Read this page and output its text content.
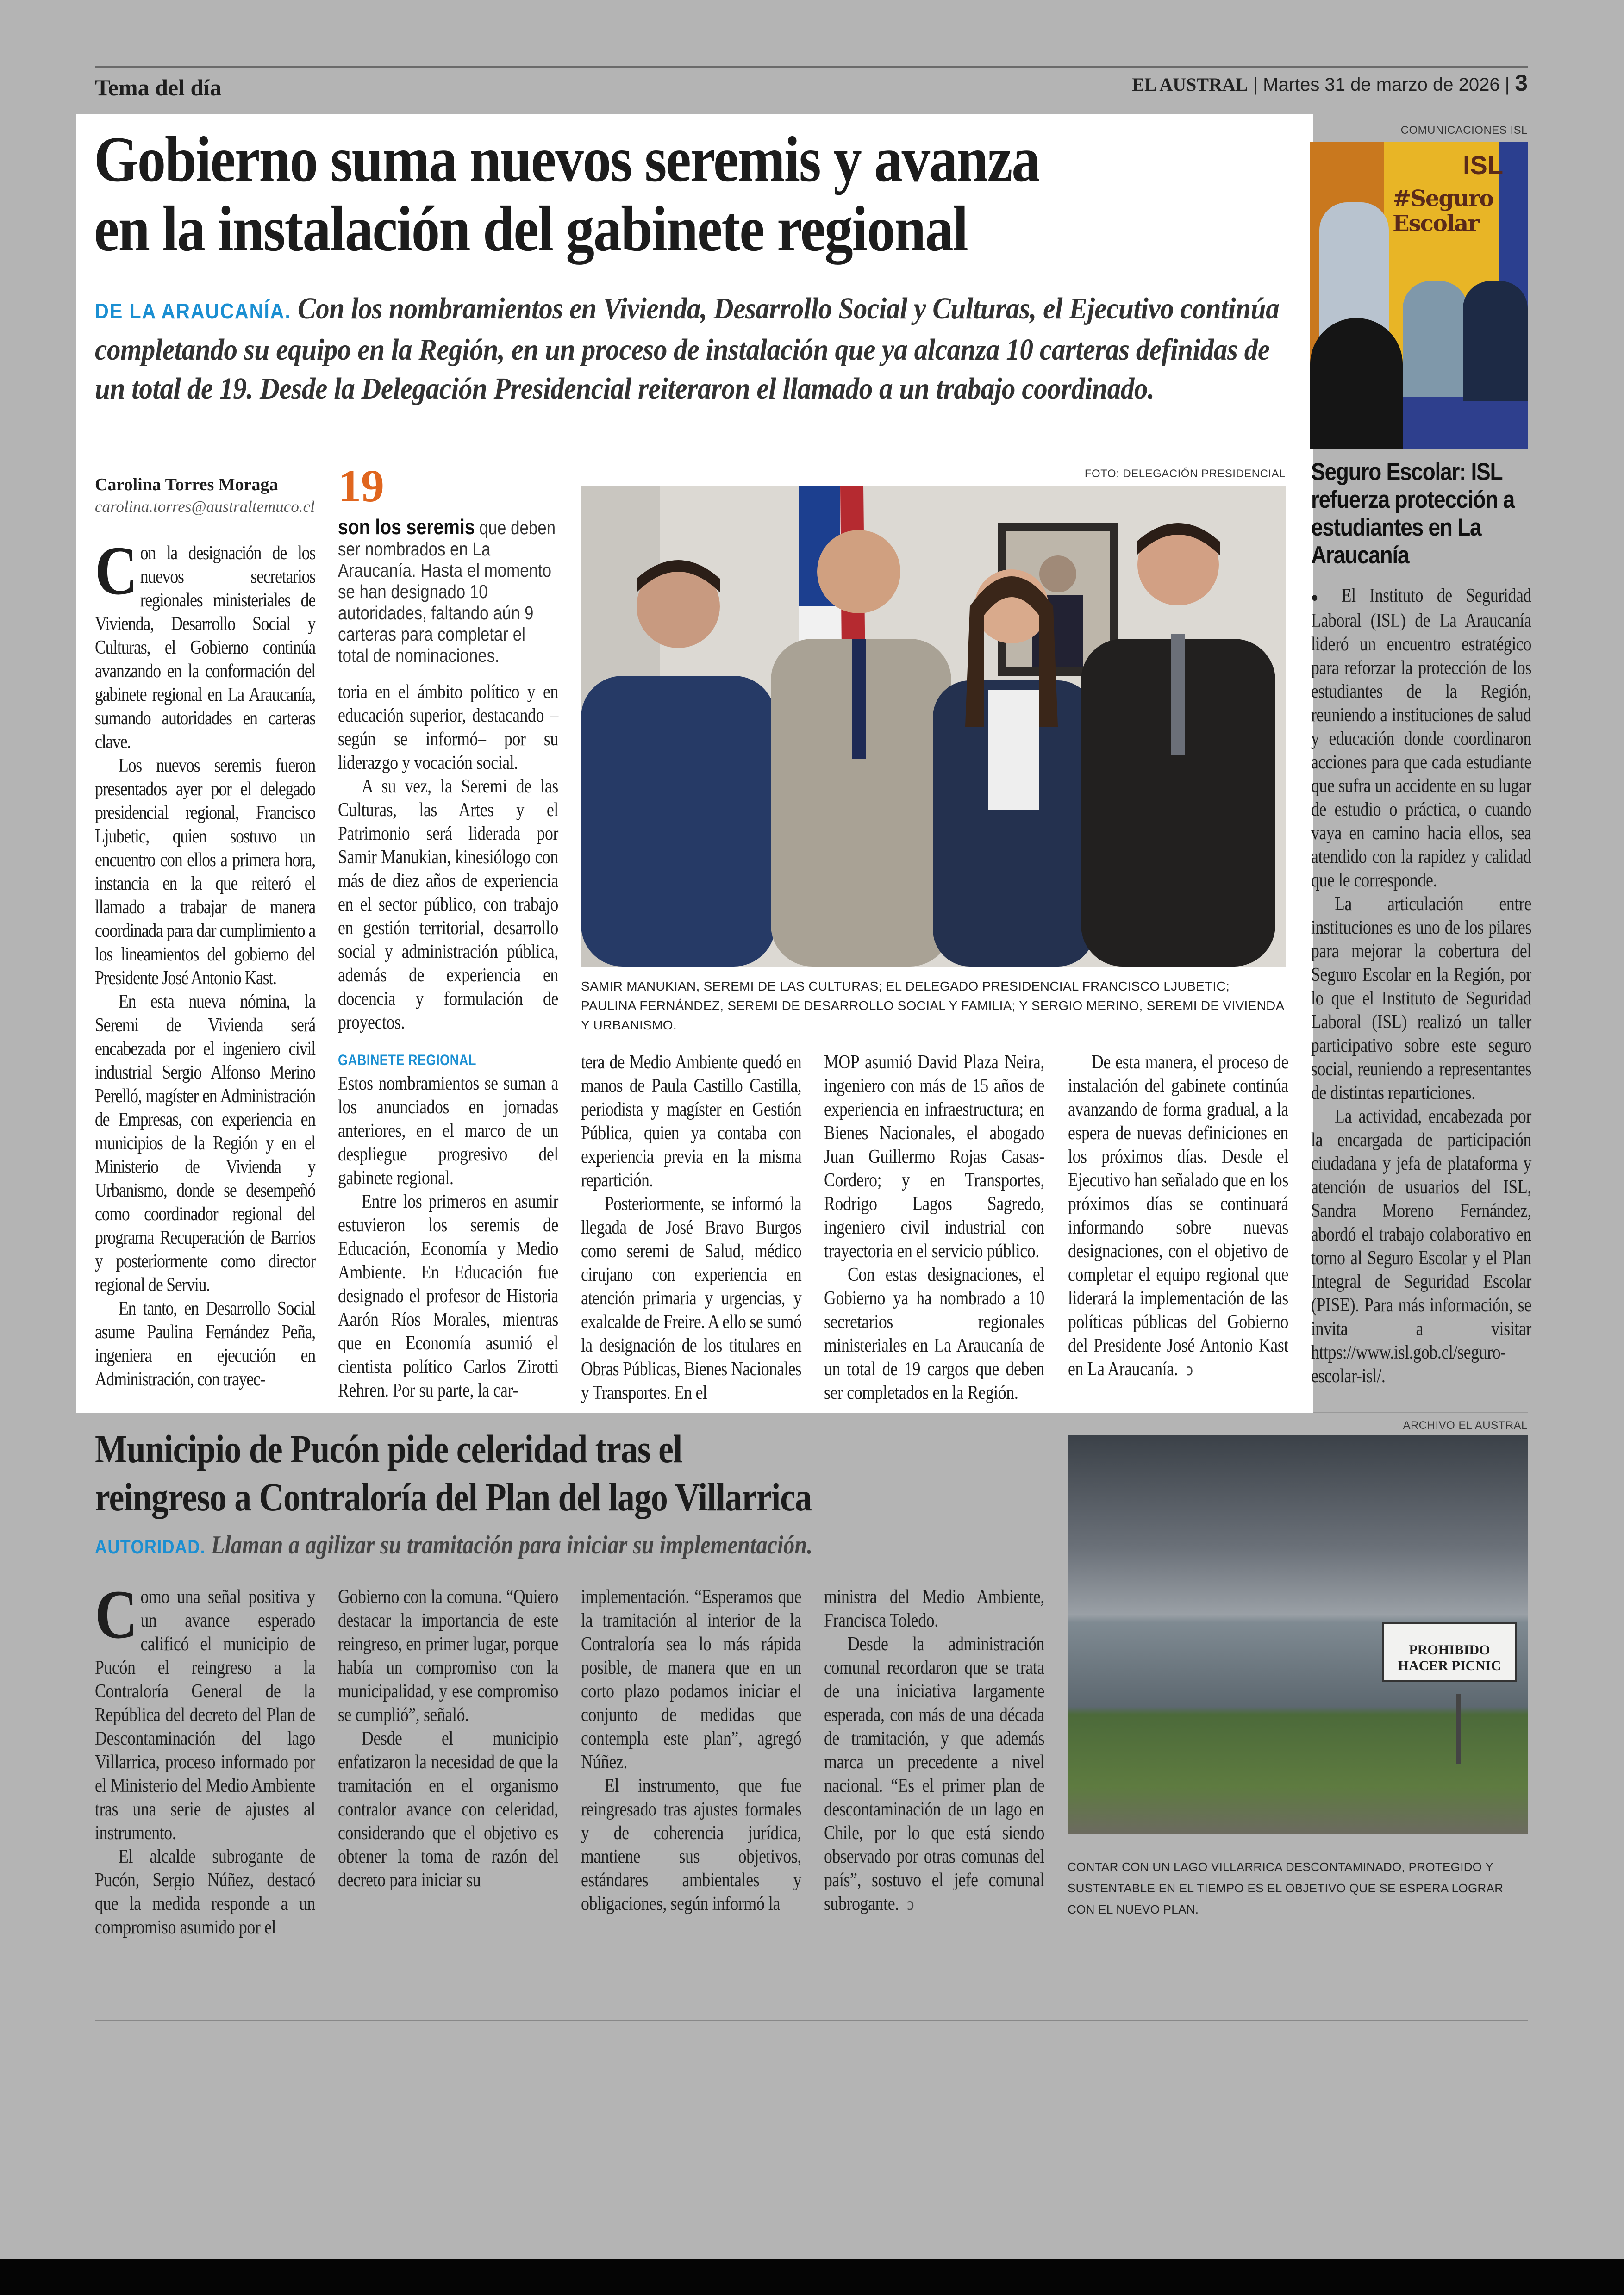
Tema del día	EL AUSTRAL | Martes 31 de marzo de 2026 | 3
Gobierno suma nuevos seremis y avanza
en la instalación del gabinete regional
DE LA ARAUCANÍA. Con los nombramientos en Vivienda, Desarrollo Social y Culturas, el Ejecutivo continúa completando su equipo en la Región, en un proceso de instalación que ya alcanza 10 carteras definidas de un total de 19. Desde la Delegación Presidencial reiteraron el llamado a un trabajo coordinado.
Carolina Torres Moraga
carolina.torres@australtemuco.cl

Con la designación de los nuevos secretarios regionales ministeriales de Vivienda, Desarrollo Social y Culturas, el Gobierno continúa avanzando en la conformación del gabinete regional en La Araucanía, sumando autoridades en carteras clave.

Los nuevos seremis fueron presentados ayer por el delegado presidencial regional, Francisco Ljubetic, quien sostuvo un encuentro con ellos a primera hora, instancia en la que reiteró el llamado a trabajar de manera coordinada para dar cumplimiento a los lineamientos del gobierno del Presidente José Antonio Kast.

En esta nueva nómina, la Seremi de Vivienda será encabezada por el ingeniero civil industrial Sergio Alfonso Merino Perelló, magíster en Administración de Empresas, con experiencia en municipios de la Región y en el Ministerio de Vivienda y Urbanismo, donde se desempeñó como coordinador regional del programa Recuperación de Barrios y posteriormente como director regional de Serviu.

En tanto, en Desarrollo Social asume Paulina Fernández Peña, ingeniera en ejecución en Administración, con trayec-

19
son los seremis que deben ser nombrados en La Araucanía. Hasta el momento se han designado 10 autoridades, faltando aún 9 carteras para completar el total de nominaciones.

toria en el ámbito político y en educación superior, destacando –según se informó– por su liderazgo y vocación social.

A su vez, la Seremi de las Culturas, las Artes y el Patrimonio será liderada por Samir Manukian, kinesiólogo con más de diez años de experiencia en el sector público, con trabajo en gestión territorial, desarrollo social y administración pública, además de experiencia en docencia y formulación de proyectos.

GABINETE REGIONAL

Estos nombramientos se suman a los anunciados en jornadas anteriores, en el marco de un despliegue progresivo del gabinete regional.

Entre los primeros en asumir estuvieron los seremis de Educación, Economía y Medio Ambiente. En Educación fue designado el profesor de Historia Aarón Ríos Morales, mientras que en Economía asumió el cientista político Carlos Zirotti Rehren. Por su parte, la car-

FOTO: DELEGACIÓN PRESIDENCIAL
SAMIR MANUKIAN, SEREMI DE LAS CULTURAS; EL DELEGADO PRESIDENCIAL FRANCISCO LJUBETIC; PAULINA FERNÁNDEZ, SEREMI DE DESARROLLO SOCIAL Y FAMILIA; Y SERGIO MERINO, SEREMI DE VIVIENDA Y URBANISMO.

tera de Medio Ambiente quedó en manos de Paula Castillo Castilla, periodista y magíster en Gestión Pública, quien ya contaba con experiencia previa en la misma repartición.

Posteriormente, se informó la llegada de José Bravo Burgos como seremi de Salud, médico cirujano con experiencia en atención primaria y urgencias, y exalcalde de Freire. A ello se sumó la designación de los titulares en Obras Públicas, Bienes Nacionales y Transportes. En el

MOP asumió David Plaza Neira, ingeniero con más de 15 años de experiencia en infraestructura; en Bienes Nacionales, el abogado Juan Guillermo Rojas Casas-Cordero; y en Transportes, Rodrigo Lagos Sagredo, ingeniero civil industrial con trayectoria en el servicio público.

Con estas designaciones, el Gobierno ya ha nombrado a 10 secretarios regionales ministeriales en La Araucanía de un total de 19 cargos que deben ser completados en la Región.

De esta manera, el proceso de instalación del gabinete continúa avanzando de forma gradual, a la espera de nuevas definiciones en los próximos días. Desde el Ejecutivo han señalado que en los próximos días se continuará informando sobre nuevas designaciones, con el objetivo de completar el equipo regional que liderará la implementación de las políticas públicas del Gobierno del Presidente José Antonio Kast en La Araucanía. ↄ

COMUNICACIONES ISL
ISL
#Seguro Escolar
Seguro Escolar: ISL refuerza protección a estudiantes en La Araucanía

● El Instituto de Seguridad Laboral (ISL) de La Araucanía lideró un encuentro estratégico para reforzar la protección de los estudiantes de la Región, reuniendo a instituciones de salud y educación donde coordinaron acciones para que cada estudiante que sufra un accidente en su lugar de estudio o práctica, o cuando vaya en camino hacia ellos, sea atendido con la rapidez y calidad que le corresponde.

La articulación entre instituciones es uno de los pilares para mejorar la cobertura del Seguro Escolar en la Región, por lo que el Instituto de Seguridad Laboral (ISL) realizó un taller participativo sobre este seguro social, reuniendo a representantes de distintas reparticiones.

La actividad, encabezada por la encargada de participación ciudadana y jefa de plataforma y atención de usuarios del ISL, Sandra Moreno Fernández, abordó el trabajo colaborativo en torno al Seguro Escolar y el Plan Integral de Seguridad Escolar (PISE). Para más información, se invita a visitar https://www.isl.gob.cl/seguro-escolar-isl/.

ARCHIVO EL AUSTRAL
Municipio de Pucón pide celeridad tras el
reingreso a Contraloría del Plan del lago Villarrica
AUTORIDAD. Llaman a agilizar su tramitación para iniciar su implementación.

Como una señal positiva y un avance esperado calificó el municipio de Pucón el reingreso a la Contraloría General de la República del decreto del Plan de Descontaminación del lago Villarrica, proceso informado por el Ministerio del Medio Ambiente tras una serie de ajustes al instrumento.

El alcalde subrogante de Pucón, Sergio Núñez, destacó que la medida responde a un compromiso asumido por el

Gobierno con la comuna. “Quiero destacar la importancia de este reingreso, en primer lugar, porque había un compromiso con la municipalidad, y ese compromiso se cumplió”, señaló.

Desde el municipio enfatizaron la necesidad de que la tramitación en el organismo contralor avance con celeridad, considerando que el objetivo es obtener la toma de razón del decreto para iniciar su

implementación. “Esperamos que la tramitación al interior de la Contraloría sea lo más rápida posible, de manera que en un corto plazo podamos iniciar el conjunto de medidas que contempla este plan”, agregó Núñez.

El instrumento, que fue reingresado tras ajustes formales y de coherencia jurídica, mantiene sus objetivos, estándares ambientales y obligaciones, según informó la

ministra del Medio Ambiente, Francisca Toledo.

Desde la administración comunal recordaron que se trata de una iniciativa largamente esperada, con más de una década de tramitación, y que además marca un precedente a nivel nacional. “Es el primer plan de descontaminación de un lago en Chile, por lo que está siendo observado por otras comunas del país”, sostuvo el jefe comunal subrogante. ↄ

PROHIBIDO HACER PICNIC
CONTAR CON UN LAGO VILLARRICA DESCONTAMINADO, PROTEGIDO Y SUSTENTABLE EN EL TIEMPO ES EL OBJETIVO QUE SE ESPERA LOGRAR CON EL NUEVO PLAN.
